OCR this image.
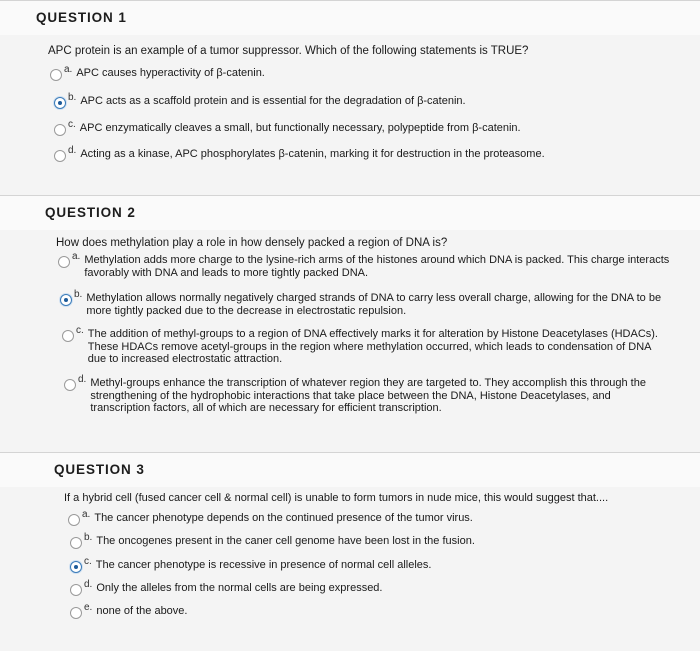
QUESTION 1
APC protein is an example of a tumor suppressor. Which of the following statements is TRUE?
a. APC causes hyperactivity of β-catenin.
b. APC acts as a scaffold protein and is essential for the degradation of β-catenin.
c. APC enzymatically cleaves a small, but functionally necessary, polypeptide from β-catenin.
d. Acting as a kinase, APC phosphorylates β-catenin, marking it for destruction in the proteasome.
QUESTION 2
How does methylation play a role in how densely packed a region of DNA is?
a. Methylation adds more charge to the lysine-rich arms of the histones around which DNA is packed. This charge interacts favorably with DNA and leads to more tightly packed DNA.
b. Methylation allows normally negatively charged strands of DNA to carry less overall charge, allowing for the DNA to be more tightly packed due to the decrease in electrostatic repulsion.
c. The addition of methyl-groups to a region of DNA effectively marks it for alteration by Histone Deacetylases (HDACs). These HDACs remove acetyl-groups in the region where methylation occurred, which leads to condensation of DNA due to increased electrostatic attraction.
d. Methyl-groups enhance the transcription of whatever region they are targeted to. They accomplish this through the strengthening of the hydrophobic interactions that take place between the DNA, Histone Deacetylases, and transcription factors, all of which are necessary for efficient transcription.
QUESTION 3
If a hybrid cell (fused cancer cell & normal cell) is unable to form tumors in nude mice, this would suggest that....
a. The cancer phenotype depends on the continued presence of the tumor virus.
b. The oncogenes present in the caner cell genome have been lost in the fusion.
c. The cancer phenotype is recessive in presence of normal cell alleles.
d. Only the alleles from the normal cells are being expressed.
e. none of the above.
